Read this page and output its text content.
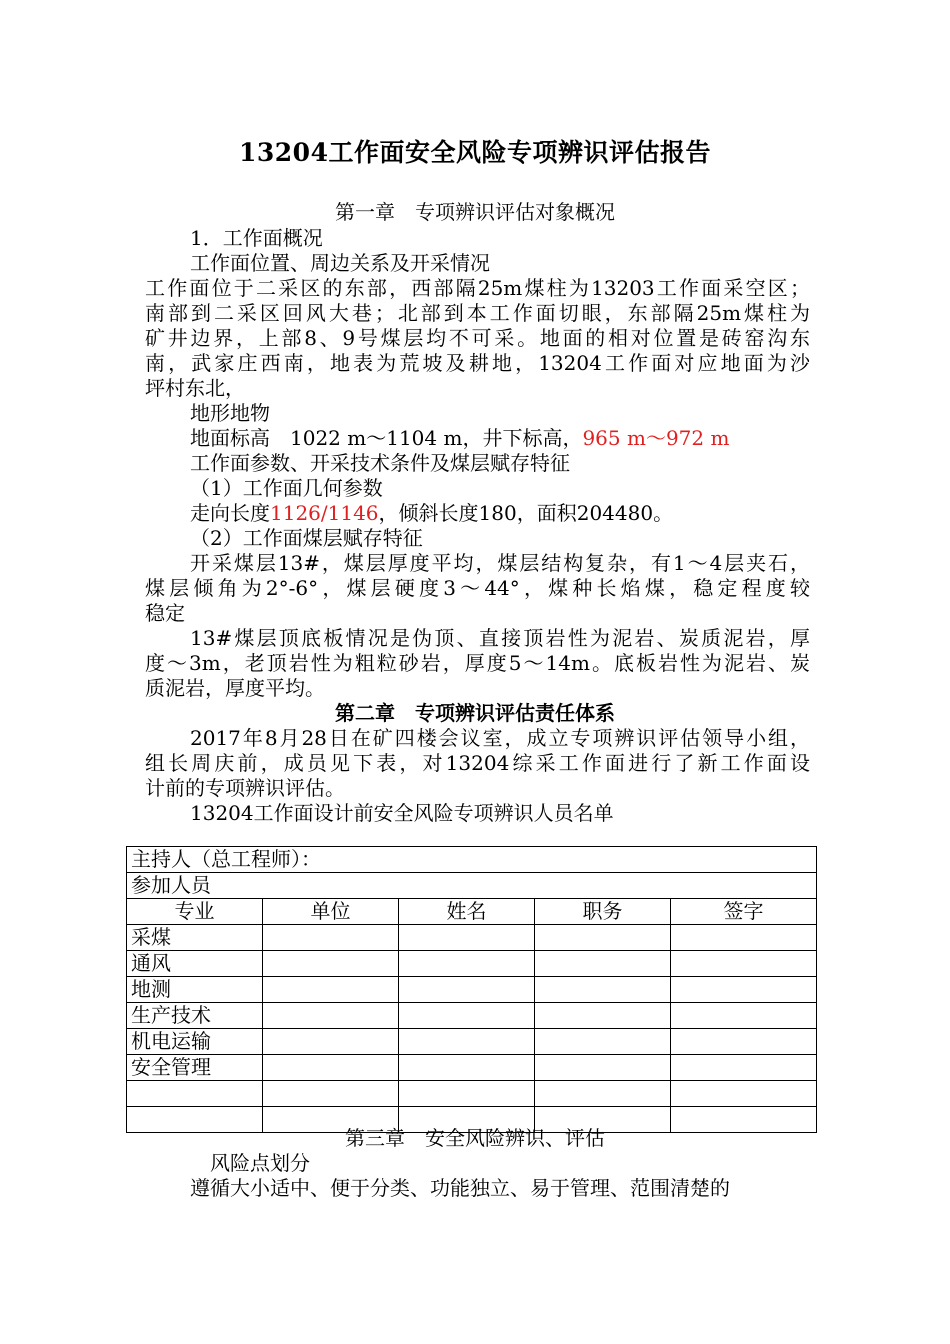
13204工作面安全风险专项辨识评估报告
第一章　专项辨识评估对象概况
1．工作面概况
工作面位置、周边关系及开采情况
工作面位于二采区的东部，西部隔25m煤柱为13203工作面采空区；
南部到二采区回风大巷；北部到本工作面切眼，东部隔25m煤柱为
矿井边界，上部8、9号煤层均不可采。地面的相对位置是砖窑沟东
南，武家庄西南，地表为荒坡及耕地，13204工作面对应地面为沙
坪村东北，
地形地物
地面标高　1022 m～1104 m，井下标高，965 m～972 m
工作面参数、开采技术条件及煤层赋存特征
（1）工作面几何参数
走向长度1126/1146，倾斜长度180，面积204480。
（2）工作面煤层赋存特征
开采煤层13#，煤层厚度平均，煤层结构复杂，有1～4层夹石，
煤层倾角为2°-6°，煤层硬度3～44°，煤种长焰煤，稳定程度较
稳定
13#煤层顶底板情况是伪顶、直接顶岩性为泥岩、炭质泥岩，厚
度～3m，老顶岩性为粗粒砂岩，厚度5～14m。底板岩性为泥岩、炭
质泥岩，厚度平均。
第二章　专项辨识评估责任体系
2017年8月28日在矿四楼会议室，成立专项辨识评估领导小组，
组长周庆前，成员见下表，对13204综采工作面进行了新工作面设
计前的专项辨识评估。
13204工作面设计前安全风险专项辨识人员名单
主持人（总工程师）：				
参加人员				
专业	单位	姓名	职务	签字
采煤				
通风				
地测				
生产技术				
机电运输				
安全管理				

第三章　安全风险辨识、评估
风险点划分
遵循大小适中、便于分类、功能独立、易于管理、范围清楚的
